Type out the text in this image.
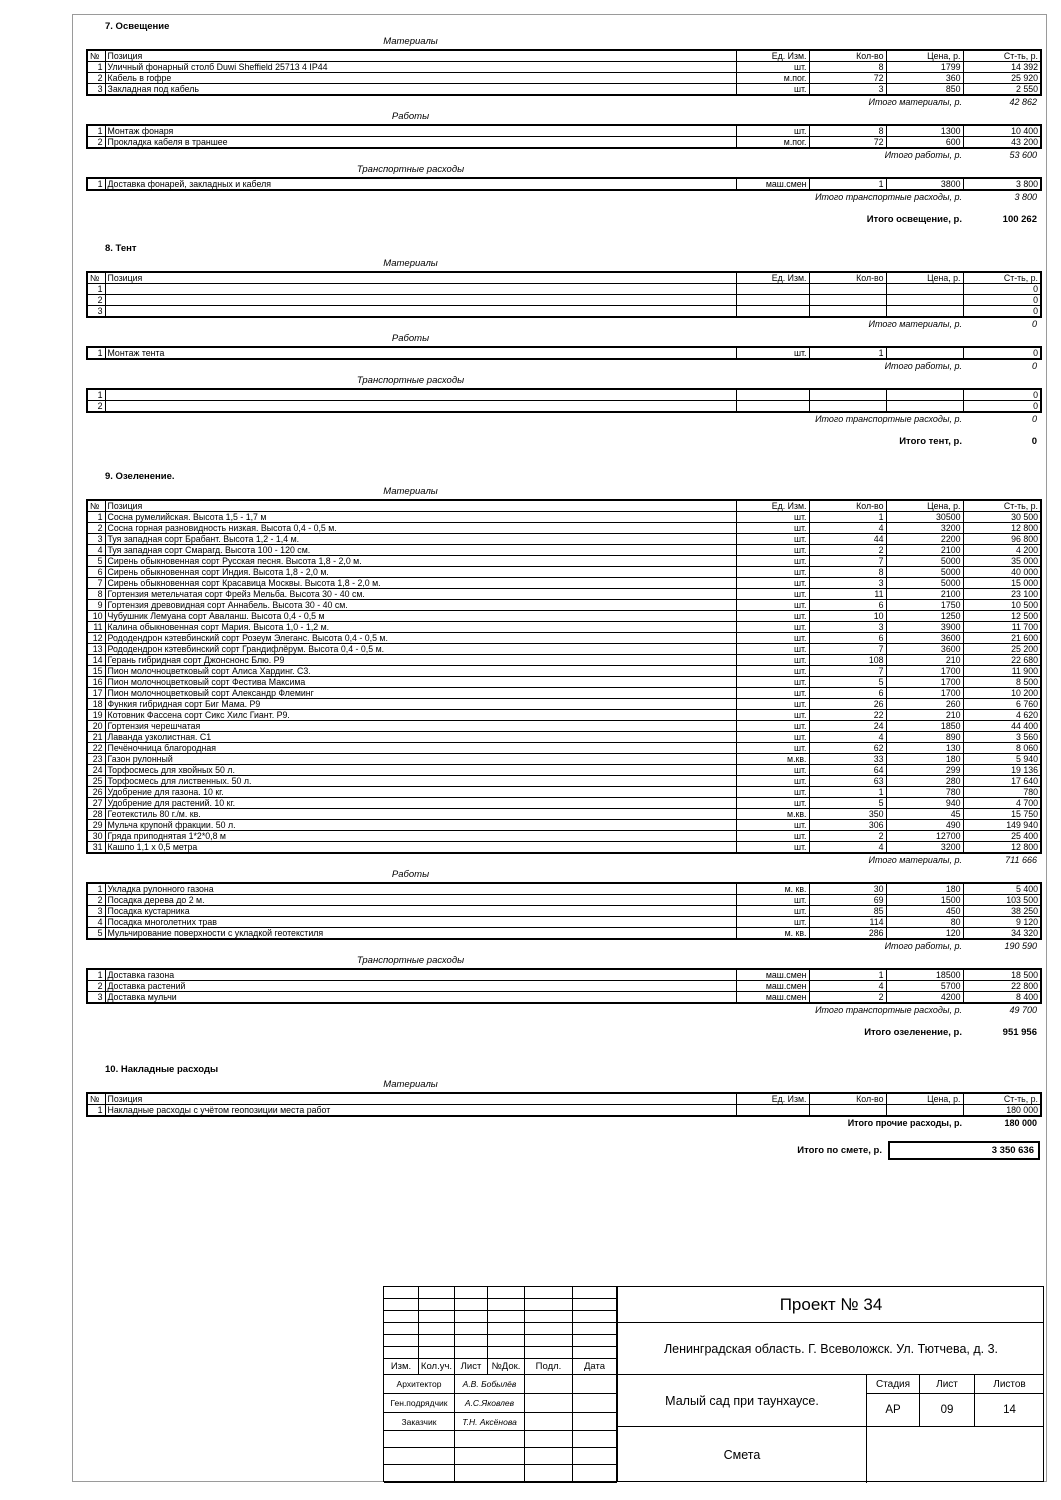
7. Освещение
Материалы
№	Позиция	Ед. Изм.	Кол-во	Цена, р.	Ст-ть, р.
1	Уличный фонарный столб Duwi Sheffield 25713 4 IP44	шт.	8	1799	14 392
2	Кабель в гофре	м.пог.	72	360	25 920
3	Закладная под кабель	шт.	3	850	2 550
Итого материалы, р.	42 862
Работы
1	Монтаж фонаря	шт.	8	1300	10 400
2	Прокладка кабеля в траншее	м.пог.	72	600	43 200
Итого работы, р.	53 600
Транспортные расходы
1	Доставка фонарей, закладных и кабеля	маш.смен	1	3800	3 800
Итого транспортные расходы, р.	3 800
Итого освещение, р.	100 262
8. Тент
Материалы
№	Позиция	Ед. Изм.	Кол-во	Цена, р.	Ст-ть, р.
1					0
2					0
3					0
Итого материалы, р.	0
Работы
1	Монтаж тента	шт.	1		0
Итого работы, р.	0
Транспортные расходы
1					0
2					0
Итого транспортные расходы, р.	0
Итого тент, р.	0
9. Озеленение.
Материалы
№	Позиция	Ед. Изм.	Кол-во	Цена, р.	Ст-ть, р.
1	Сосна румелийская. Высота 1,5 - 1,7 м	шт.	1	30500	30 500
2	Сосна горная разновидность низкая. Высота 0,4 - 0,5 м.	шт.	4	3200	12 800
3	Туя западная сорт Брабант. Высота 1,2 - 1,4 м.	шт.	44	2200	96 800
4	Туя западная сорт Смарагд. Высота 100 - 120 см.	шт.	2	2100	4 200
5	Сирень обыкновенная сорт Русская песня. Высота 1,8 - 2,0 м.	шт.	7	5000	35 000
6	Сирень обыкновенная сорт Индия. Высота 1,8 - 2,0 м.	шт.	8	5000	40 000
7	Сирень обыкновенная сорт Красавица Москвы. Высота 1,8 - 2,0 м.	шт.	3	5000	15 000
8	Гортензия метельчатая сорт Фрейз Мельба. Высота 30 - 40 см.	шт.	11	2100	23 100
9	Гортензия древовидная сорт Аннабель. Высота 30 - 40 см.	шт.	6	1750	10 500
10	Чубушник Лемуана сорт Аваланш. Высота 0,4 - 0,5 м	шт.	10	1250	12 500
11	Калина обыкновенная сорт Мария. Высота 1,0 - 1,2 м.	шт.	3	3900	11 700
12	Рододендрон кэтевбинский сорт Розеум Элеганс. Высота 0,4 - 0,5 м.	шт.	6	3600	21 600
13	Рододендрон кэтевбинский сорт Грандифлёрум. Высота 0,4 - 0,5 м.	шт.	7	3600	25 200
14	Герань гибридная сорт Джонснонс Блю. Р9	шт.	108	210	22 680
15	Пион молочноцветковый сорт Алиса Хардинг. С3.	шт.	7	1700	11 900
16	Пион молочноцветковый сорт Фестива Максима	шт.	5	1700	8 500
17	Пион молочноцветковый сорт Александр Флеминг	шт.	6	1700	10 200
18	Функия гибридная сорт Биг Мама. Р9	шт.	26	260	6 760
19	Котовник Фассена сорт Сикс Хилс Гиант. Р9.	шт.	22	210	4 620
20	Гортензия черешчатая	шт.	24	1850	44 400
21	Лаванда узколистная. С1	шт.	4	890	3 560
22	Печёночница благородная	шт.	62	130	8 060
23	Газон рулонный	м.кв.	33	180	5 940
24	Торфосмесь для хвойных 50 л.	шт.	64	299	19 136
25	Торфосмесь для лиственных. 50 л.	шт.	63	280	17 640
26	Удобрение для газона. 10 кг.	шт.	1	780	780
27	Удобрение для растений. 10 кг.	шт.	5	940	4 700
28	Геотекстиль 80 г./м. кв.	м.кв.	350	45	15 750
29	Мульча крупонй фракции. 50 л.	шт.	306	490	149 940
30	Гряда приподнятая 1*2*0,8 м	шт.	2	12700	25 400
31	Кашпо 1,1 х 0,5 метра	шт.	4	3200	12 800
Итого материалы, р.	711 666
Работы
1	Укладка рулонного газона	м. кв.	30	180	5 400
2	Посадка дерева до 2 м.	шт.	69	1500	103 500
3	Посадка кустарника	шт.	85	450	38 250
4	Посадка многолетних трав	шт.	114	80	9 120
5	Мульчирование поверхности с укладкой геотекстиля	м. кв.	286	120	34 320
Итого работы, р.	190 590
Транспортные расходы
1	Доставка газона	маш.смен	1	18500	18 500
2	Доставка растений	маш.смен	4	5700	22 800
3	Доставка мульчи	маш.смен	2	4200	8 400
Итого транспортные расходы, р.	49 700
Итого озеленение, р.	951 956
10. Накладные расходы
Материалы
№	Позиция	Ед. Изм.	Кол-во	Цена, р.	Ст-ть, р.
1	Накладные расходы с учётом геопозиции места работ				180 000
Итого прочие расходы, р.	180 000
Итого по смете, р.	3 350 636
Изм.	Кол.уч. Лист	№Док.	Подл.	Дата
Архитектор	А.В. Бобылёв
Ген.подрядчик	А.С.Яковлев
Заказчик	Т.Н. Аксёнова
Проект № 34
Ленинградская область. Г. Всеволожск. Ул. Тютчева, д. 3.
Малый сад при таунхаусе.
Стадия	Лист	Листов
АР	09	14
Смета
